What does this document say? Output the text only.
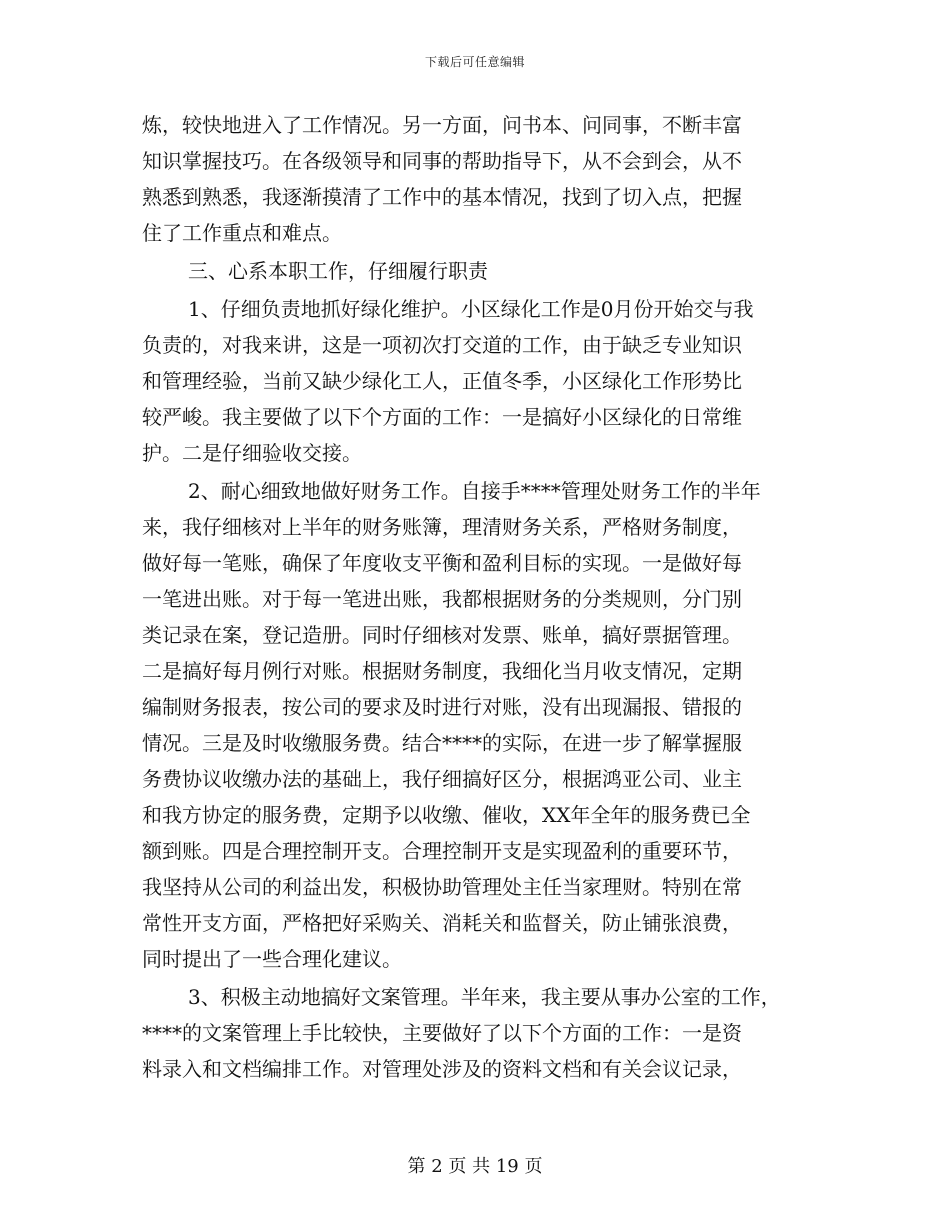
下载后可任意编辑
炼，较快地进入了工作情况。另一方面，问书本、问同事，不断丰富
知识掌握技巧。在各级领导和同事的帮助指导下，从不会到会，从不
熟悉到熟悉，我逐渐摸清了工作中的基本情况，找到了切入点，把握
住了工作重点和难点。
三、心系本职工作，仔细履行职责
1、仔细负责地抓好绿化维护。小区绿化工作是0月份开始交与我
负责的，对我来讲，这是一项初次打交道的工作，由于缺乏专业知识
和管理经验，当前又缺少绿化工人，正值冬季，小区绿化工作形势比
较严峻。我主要做了以下个方面的工作：一是搞好小区绿化的日常维
护。二是仔细验收交接。
2、耐心细致地做好财务工作。自接手****管理处财务工作的半年
来，我仔细核对上半年的财务账簿，理清财务关系，严格财务制度，
做好每一笔账，确保了年度收支平衡和盈利目标的实现。一是做好每
一笔进出账。对于每一笔进出账，我都根据财务的分类规则，分门别
类记录在案，登记造册。同时仔细核对发票、账单，搞好票据管理。
二是搞好每月例行对账。根据财务制度，我细化当月收支情况，定期
编制财务报表，按公司的要求及时进行对账，没有出现漏报、错报的
情况。三是及时收缴服务费。结合****的实际，在进一步了解掌握服
务费协议收缴办法的基础上，我仔细搞好区分，根据鸿亚公司、业主
和我方协定的服务费，定期予以收缴、催收，XX年全年的服务费已全
额到账。四是合理控制开支。合理控制开支是实现盈利的重要环节，
我坚持从公司的利益出发，积极协助管理处主任当家理财。特别在常
常性开支方面，严格把好采购关、消耗关和监督关，防止铺张浪费，
同时提出了一些合理化建议。
3、积极主动地搞好文案管理。半年来，我主要从事办公室的工作，
****的文案管理上手比较快，主要做好了以下个方面的工作：一是资
料录入和文档编排工作。对管理处涉及的资料文档和有关会议记录，
第 2 页 共 19 页
